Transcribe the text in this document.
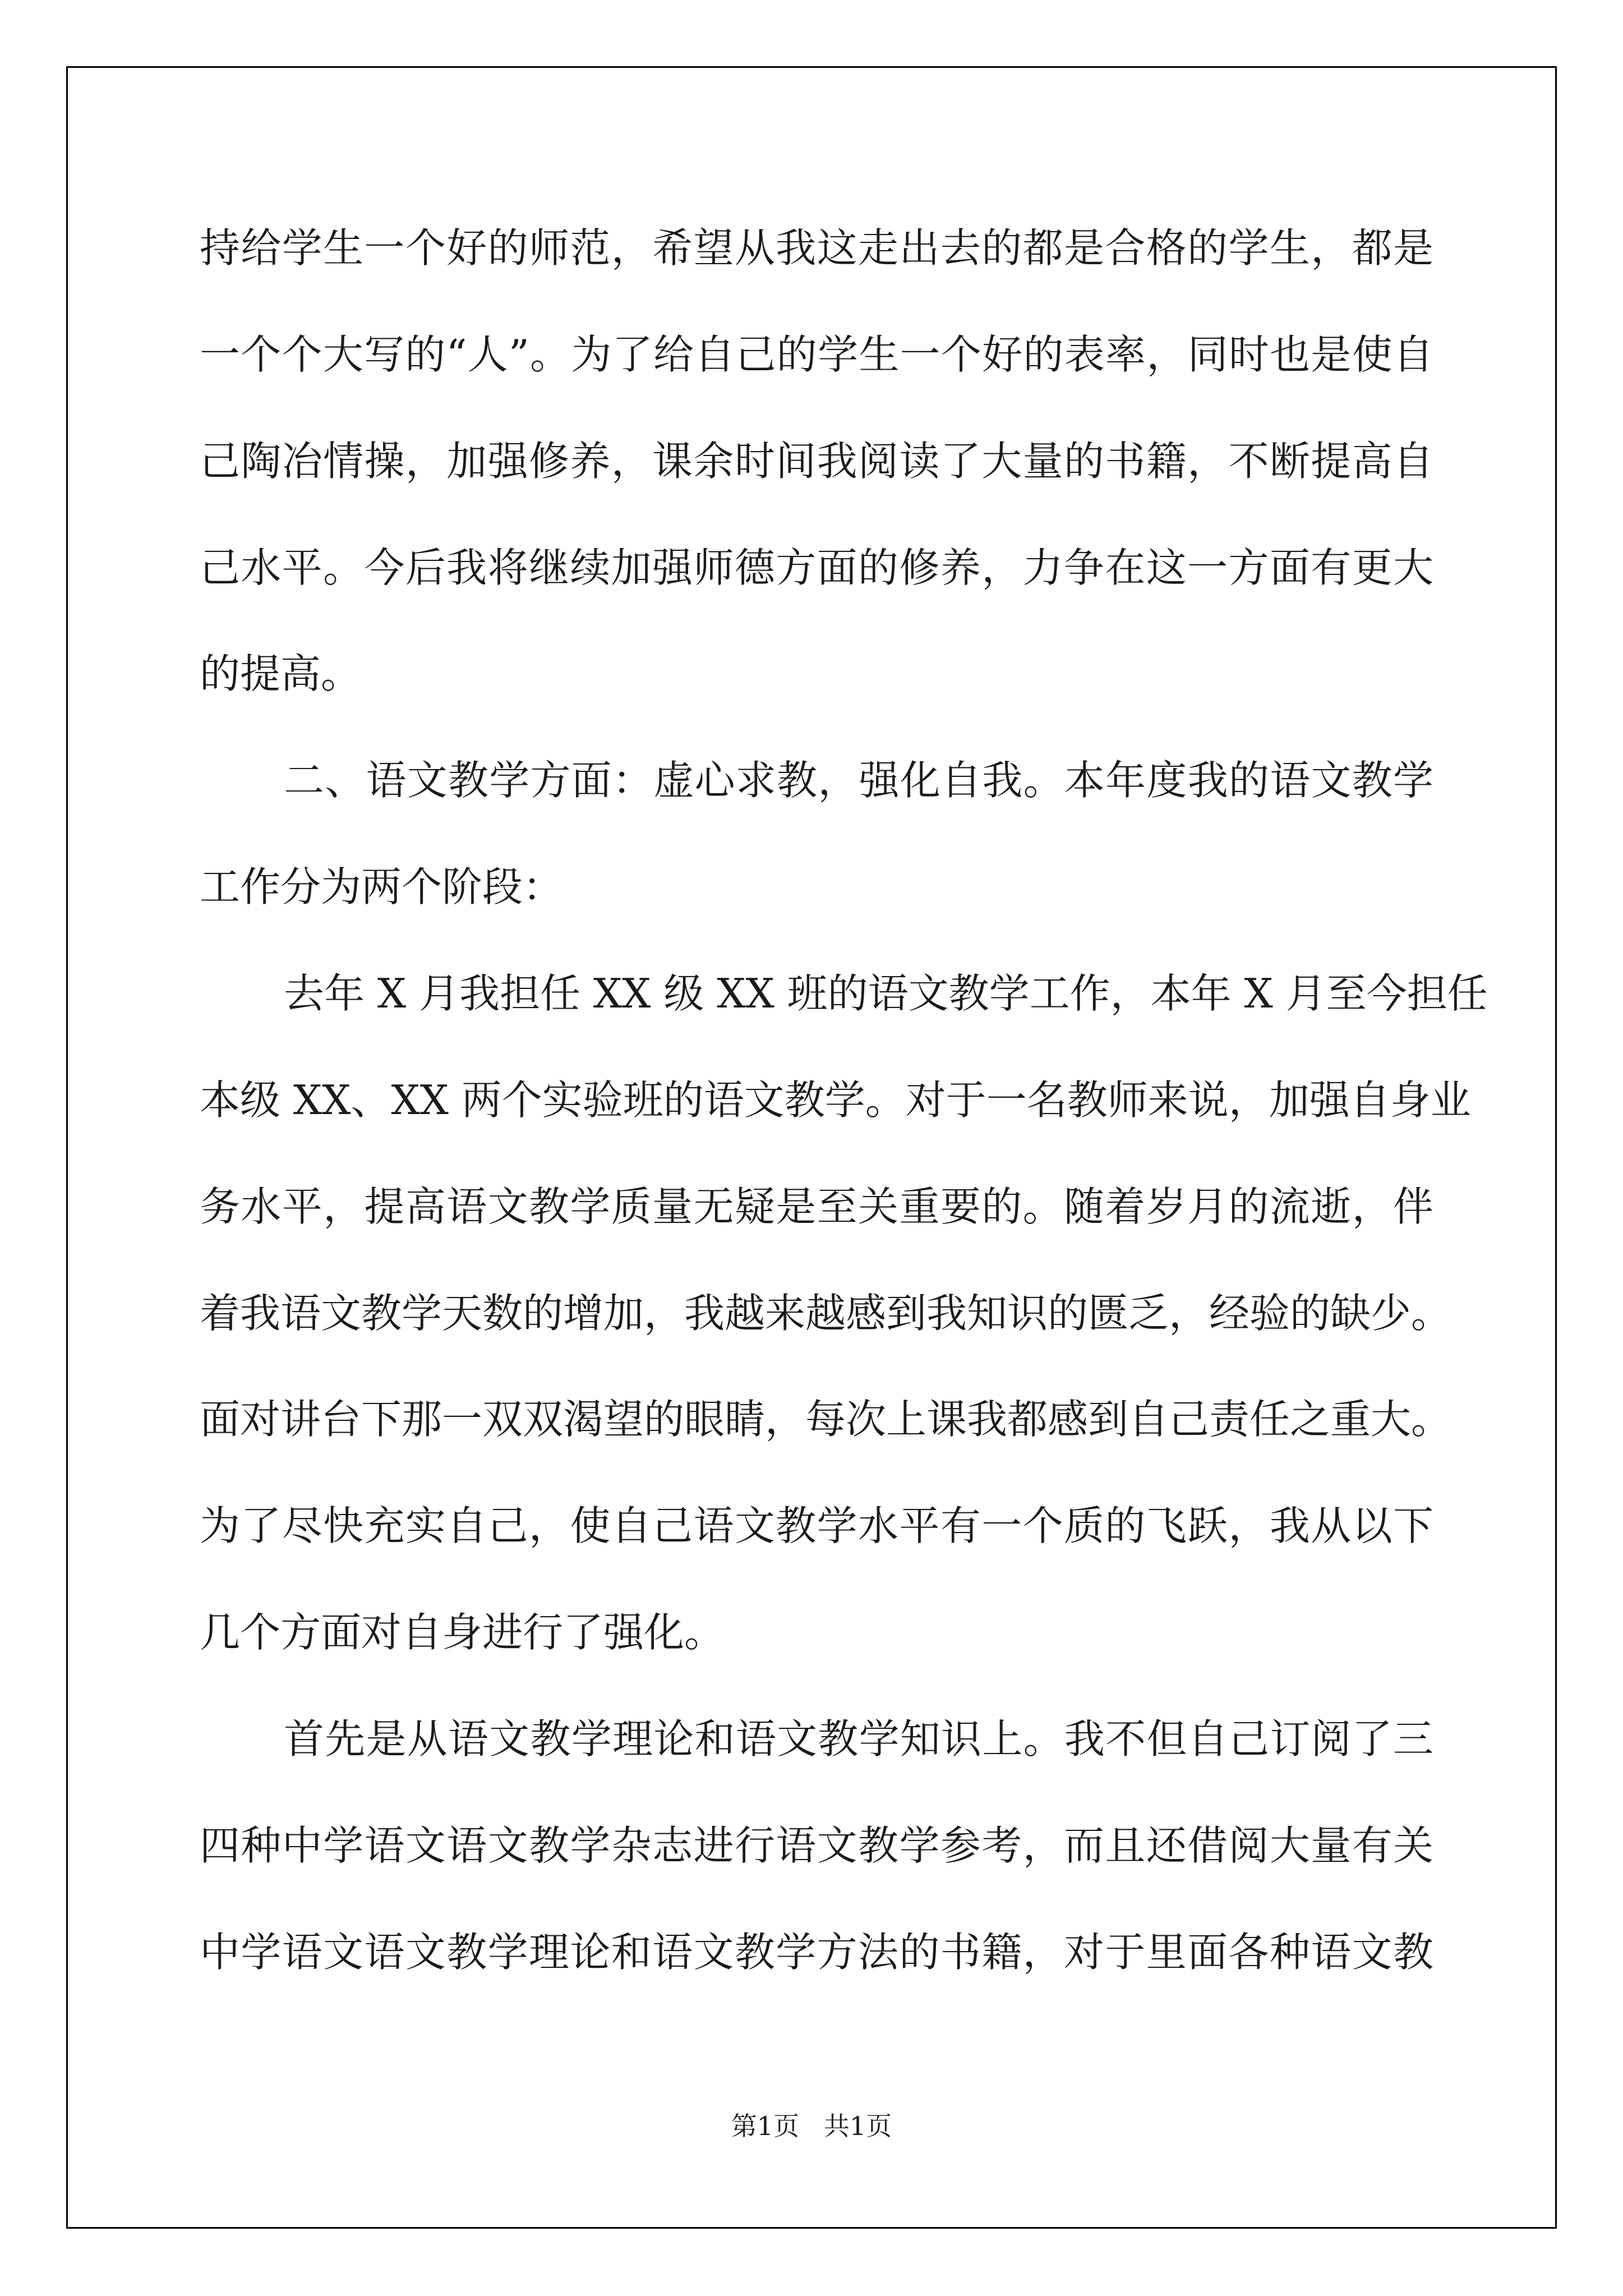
持给学生一个好的师范，希望从我这走出去的都是合格的学生，都是
一个个大写的“人”。为了给自己的学生一个好的表率，同时也是使自
己陶冶情操，加强修养，课余时间我阅读了大量的书籍，不断提高自
己水平。今后我将继续加强师德方面的修养，力争在这一方面有更大
的提高。
二、语文教学方面：虚心求教，强化自我。本年度我的语文教学
工作分为两个阶段：
去年 X 月我担任 XX 级 XX 班的语文教学工作，本年 X 月至今担任
本级 XX、XX 两个实验班的语文教学。对于一名教师来说，加强自身业
务水平，提高语文教学质量无疑是至关重要的。随着岁月的流逝，伴
着我语文教学天数的增加，我越来越感到我知识的匮乏，经验的缺少。
面对讲台下那一双双渴望的眼睛，每次上课我都感到自己责任之重大。
为了尽快充实自己，使自己语文教学水平有一个质的飞跃，我从以下
几个方面对自身进行了强化。
首先是从语文教学理论和语文教学知识上。我不但自己订阅了三
四种中学语文语文教学杂志进行语文教学参考，而且还借阅大量有关
中学语文语文教学理论和语文教学方法的书籍，对于里面各种语文教
第1页   共1页
